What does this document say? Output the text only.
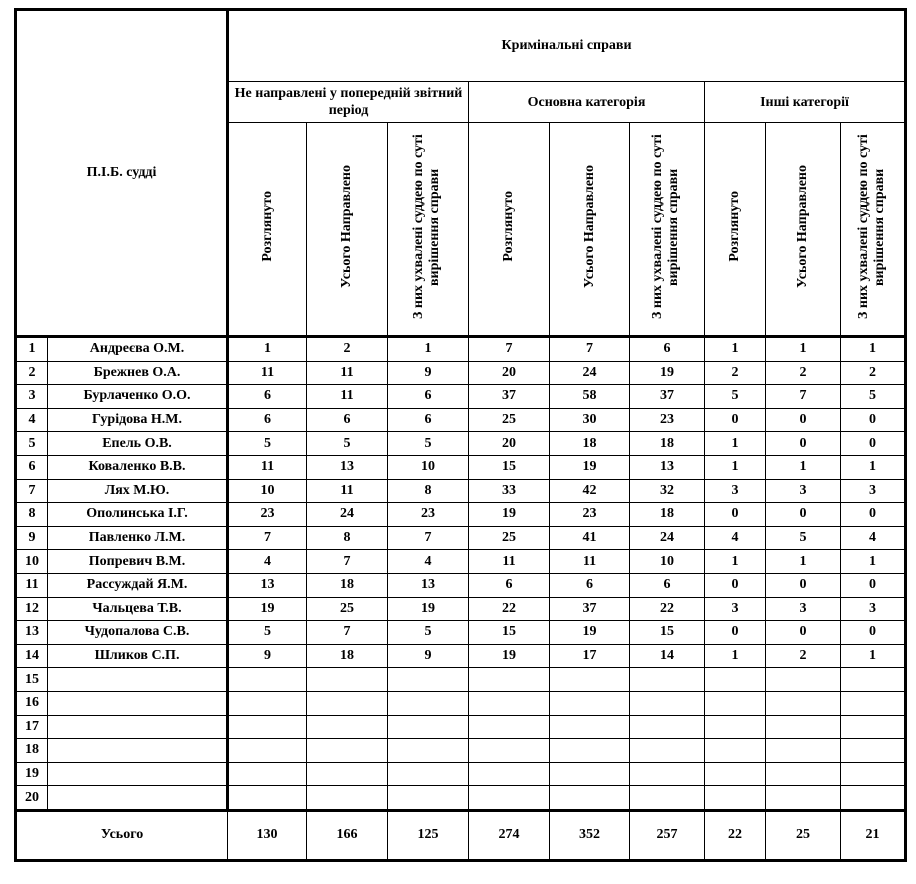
П.І.Б. судді		Кримінальні справи								
		Не направлені у попередній звітний період			Основна категорія			Інші категорії		
		Розглянуто	Усього Направлено	З них ухвалені суддею по суті вирішення справи	Розглянуто	Усього Направлено	З них ухвалені суддею по суті вирішення справи	Розглянуто	Усього Направлено	З них ухвалені суддею по суті вирішення справи
1	Андреєва О.М.	1	2	1	7	7	6	1	1	1
2	Брежнев О.А.	11	11	9	20	24	19	2	2	2
3	Бурлаченко О.О.	6	11	6	37	58	37	5	7	5
4	Гурідова Н.М.	6	6	6	25	30	23	0	0	0
5	Епель О.В.	5	5	5	20	18	18	1	0	0
6	Коваленко В.В.	11	13	10	15	19	13	1	1	1
7	Лях М.Ю.	10	11	8	33	42	32	3	3	3
8	Ополинська І.Г.	23	24	23	19	23	18	0	0	0
9	Павленко Л.М.	7	8	7	25	41	24	4	5	4
10	Попревич В.М.	4	7	4	11	11	10	1	1	1
11	Рассуждай Я.М.	13	18	13	6	6	6	0	0	0
12	Чальцева Т.В.	19	25	19	22	37	22	3	3	3
13	Чудопалова С.В.	5	7	5	15	19	15	0	0	0
14	Шликов С.П.	9	18	9	19	17	14	1	2	1
15										
16										
17										
18										
19										
20										
Усього		130	166	125	274	352	257	22	25	21
